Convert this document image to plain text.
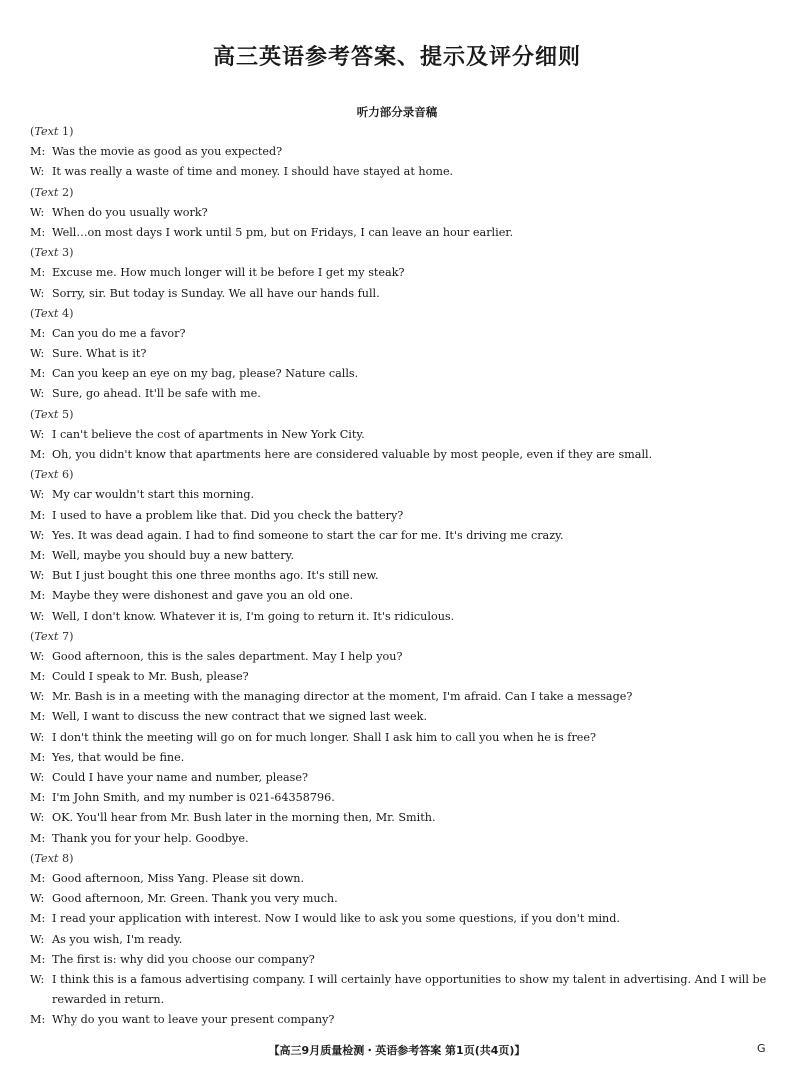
高三英语参考答案、提示及评分细则
听力部分录音稿
(Text 1)
M: Was the movie as good as you expected?
W: It was really a waste of time and money. I should have stayed at home.
(Text 2)
W: When do you usually work?
M: Well…on most days I work until 5 pm, but on Fridays, I can leave an hour earlier.
(Text 3)
M: Excuse me. How much longer will it be before I get my steak?
W: Sorry, sir. But today is Sunday. We all have our hands full.
(Text 4)
M: Can you do me a favor?
W: Sure. What is it?
M: Can you keep an eye on my bag, please? Nature calls.
W: Sure, go ahead. It'll be safe with me.
(Text 5)
W: I can't believe the cost of apartments in New York City.
M: Oh, you didn't know that apartments here are considered valuable by most people, even if they are small.
(Text 6)
W: My car wouldn't start this morning.
M: I used to have a problem like that. Did you check the battery?
W: Yes. It was dead again. I had to find someone to start the car for me. It's driving me crazy.
M: Well, maybe you should buy a new battery.
W: But I just bought this one three months ago. It's still new.
M: Maybe they were dishonest and gave you an old one.
W: Well, I don't know. Whatever it is, I'm going to return it. It's ridiculous.
(Text 7)
W: Good afternoon, this is the sales department. May I help you?
M: Could I speak to Mr. Bush, please?
W: Mr. Bash is in a meeting with the managing director at the moment, I'm afraid. Can I take a message?
M: Well, I want to discuss the new contract that we signed last week.
W: I don't think the meeting will go on for much longer. Shall I ask him to call you when he is free?
M: Yes, that would be fine.
W: Could I have your name and number, please?
M: I'm John Smith, and my number is 021-64358796.
W: OK. You'll hear from Mr. Bush later in the morning then, Mr. Smith.
M: Thank you for your help. Goodbye.
(Text 8)
M: Good afternoon, Miss Yang. Please sit down.
W: Good afternoon, Mr. Green. Thank you very much.
M: I read your application with interest. Now I would like to ask you some questions, if you don't mind.
W: As you wish, I'm ready.
M: The first is: why did you choose our company?
W: I think this is a famous advertising company. I will certainly have opportunities to show my talent in advertising. And I will be rewarded in return.
M: Why do you want to leave your present company?
【高三9月质量检测・英语参考答案 第1页(共4页)】	G
